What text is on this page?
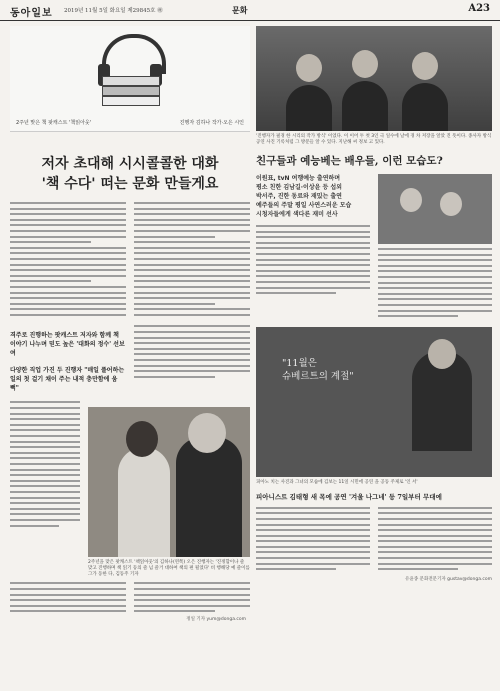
동아일보 2019년 11월 5일 화요일 제29845호 ㊙	문화	A23
2주년 맞은 책 팟캐스트 '책읽아웃'	진행자 김하나 작가·오은 시인
저자 초대해 시시콜콜한 대화
'책 수다' 떠는 문화 만들게요
격주로 진행하는 팟캐스트 저자와 함께 책 이야기 나누며 믿도 높은 '대화의 정수' 선보여
다양한 직업 가진 두 진행자 "매일 풀어하는 일의 첫 걸기 채이 주는 내적 충만함에 움뻑"
2주년을 맞은 팟캐스트 '책읽아웃'의 김하나(왼쪽) 오은 진행자는 '진정함이나 즐 맞고 진행하며 책 읽기 등의 즐 넘 즐거 대하여 책의 편 될었다' 비 행해당 예 즐이를 그가 동한 다, 김동주 기자
정일 기자 yum@donga.com
'진행자가 필경 한 시리의 작가 방식' 이었다. 이 이어 두 첫 3인 극 일수에 날에 경 차 저장을 알았 진 뜻이다. 종사자 방식 공연 사진 기록처럼 그 방문들 알 수 있다. 지난해 씨 정보 고 있다.
친구들과 예능베는 배우들, 이런 모습도?
이원표, tvN 여행예능 출연하며
평소 친한 김남길·이상윤 등 섭외
박서주, 진한 동료와 재밌는 출연
예주들의 주말 평일 사연스러운 모습
시청자들에게 색다른 재미 선사
"11월은
슈베르트의 계절"
피아노 치는 사진과 그녀의 모습에 김보는 11일 시민에 공연 을 공동 주제로 '인 서'
피아니스트 김태형 새 목에 공연 '겨울 나그네' 등 7일부터 무대에
유윤종 문화전문기자 gustav@donga.com
